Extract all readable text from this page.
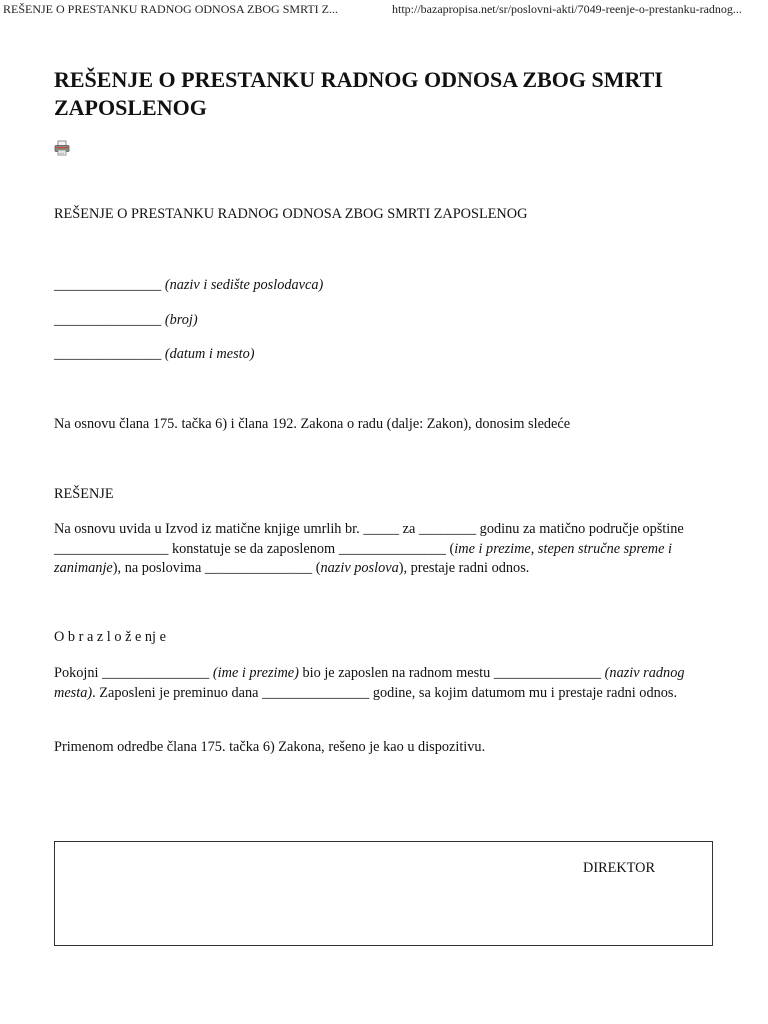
REŠENJE O PRESTANKU RADNOG ODNOSA ZBOG SMRTI Z...	http://bazapropisa.net/sr/poslovni-akti/7049-reenje-o-prestanku-radnog...
REŠENJE O PRESTANKU RADNOG ODNOSA ZBOG SMRTI ZAPOSLENOG

REŠENJE O PRESTANKU RADNOG ODNOSA ZBOG SMRTI ZAPOSLENOG

_______________ (naziv i sedište poslodavca)

_______________ (broj)

_______________ (datum i mesto)

Na osnovu člana 175. tačka 6) i člana 192. Zakona o radu (dalje: Zakon), donosim sledeće

REŠENJE

Na osnovu uvida u Izvod iz matične knjige umrlih br. _____ za ________ godinu za matično područje opštine ________________ konstatuje se da zaposlenom _______________ (ime i prezime, stepen stručne spreme i zanimanje), na poslovima _______________ (naziv poslova), prestaje radni odnos.

O b r a z l o ž e nj e

Pokojni _______________ (ime i prezime) bio je zaposlen na radnom mestu _______________ (naziv radnog mesta). Zaposleni je preminuo dana _______________ godine, sa kojim datumom mu i prestaje radni odnos.

Primenom odredbe člana 175. tačka 6) Zakona, rešeno je kao u dispozitivu.

DIREKTOR
